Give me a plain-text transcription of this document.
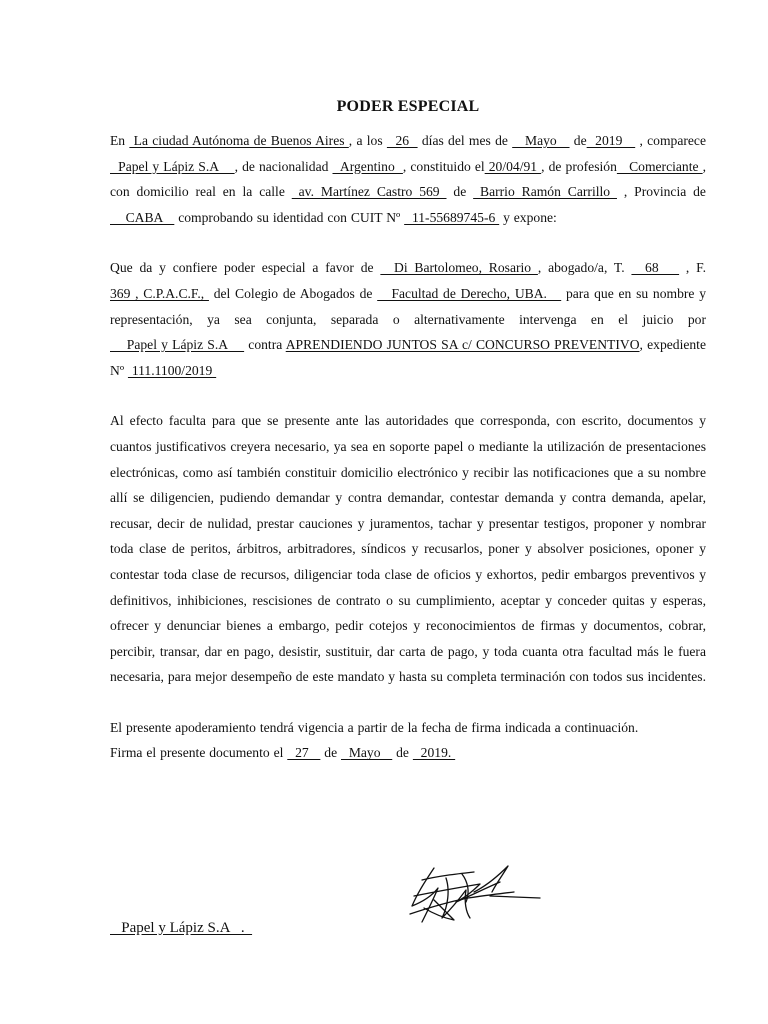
PODER ESPECIAL

En  La ciudad Autónoma de Buenos Aires , a los   26   días del mes de    Mayo    de  2019    , comparece   Papel y Lápiz S.A    , de nacionalidad   Argentino  , constituido el 20/04/91 , de profesión   Comerciante , con domicilio real en la calle  av. Martínez Castro 569  de  Barrio Ramón Carrillo  , Provincia de     CABA    comprobando su identidad con CUIT Nº   11-55689745-6  y expone:

Que da y confiere poder especial a favor de   Di Bartolomeo, Rosario , abogado/a, T.   68    , F. 369 , C.P.A.C.F.,  del Colegio de Abogados de    Facultad de Derecho, UBA.    para que en su nombre y representación, ya sea conjunta, separada o alternativamente intervenga en el juicio por     Papel y Lápiz S.A     contra APRENDIENDO JUNTOS SA c/ CONCURSO PREVENTIVO, expediente Nº  111.1100/2019

Al efecto faculta para que se presente ante las autoridades que corresponda, con escrito, documentos y cuantos justificativos creyera necesario, ya sea en soporte papel o mediante la utilización de presentaciones electrónicas, como así también constituir domicilio electrónico y recibir las notificaciones que a su nombre allí se diligencien, pudiendo demandar y contra demandar, contestar demanda y contra demanda, apelar, recusar, decir de nulidad, prestar cauciones y juramentos, tachar y presentar testigos, proponer y nombrar toda clase de peritos, árbitros, arbitradores, síndicos y recusarlos, poner y absolver posiciones, oponer y contestar toda clase de recursos, diligenciar toda clase de oficios y exhortos, pedir embargos preventivos y definitivos, inhibiciones, rescisiones de contrato o su cumplimiento, aceptar y conceder quitas y esperas, ofrecer y denunciar bienes a embargo, pedir cotejos y reconocimientos de firmas y documentos, cobrar, percibir, transar, dar en pago, desistir, sustituir, dar carta de pago, y toda cuanta otra facultad más le fuera necesaria, para mejor desempeño de este mandato y hasta su completa terminación con todos sus incidentes.

El presente apoderamiento tendrá vigencia a partir de la fecha de firma indicada a continuación.
Firma el presente documento el   27    de   Mayo    de   2019.

Papel y Lápiz S.A   .
